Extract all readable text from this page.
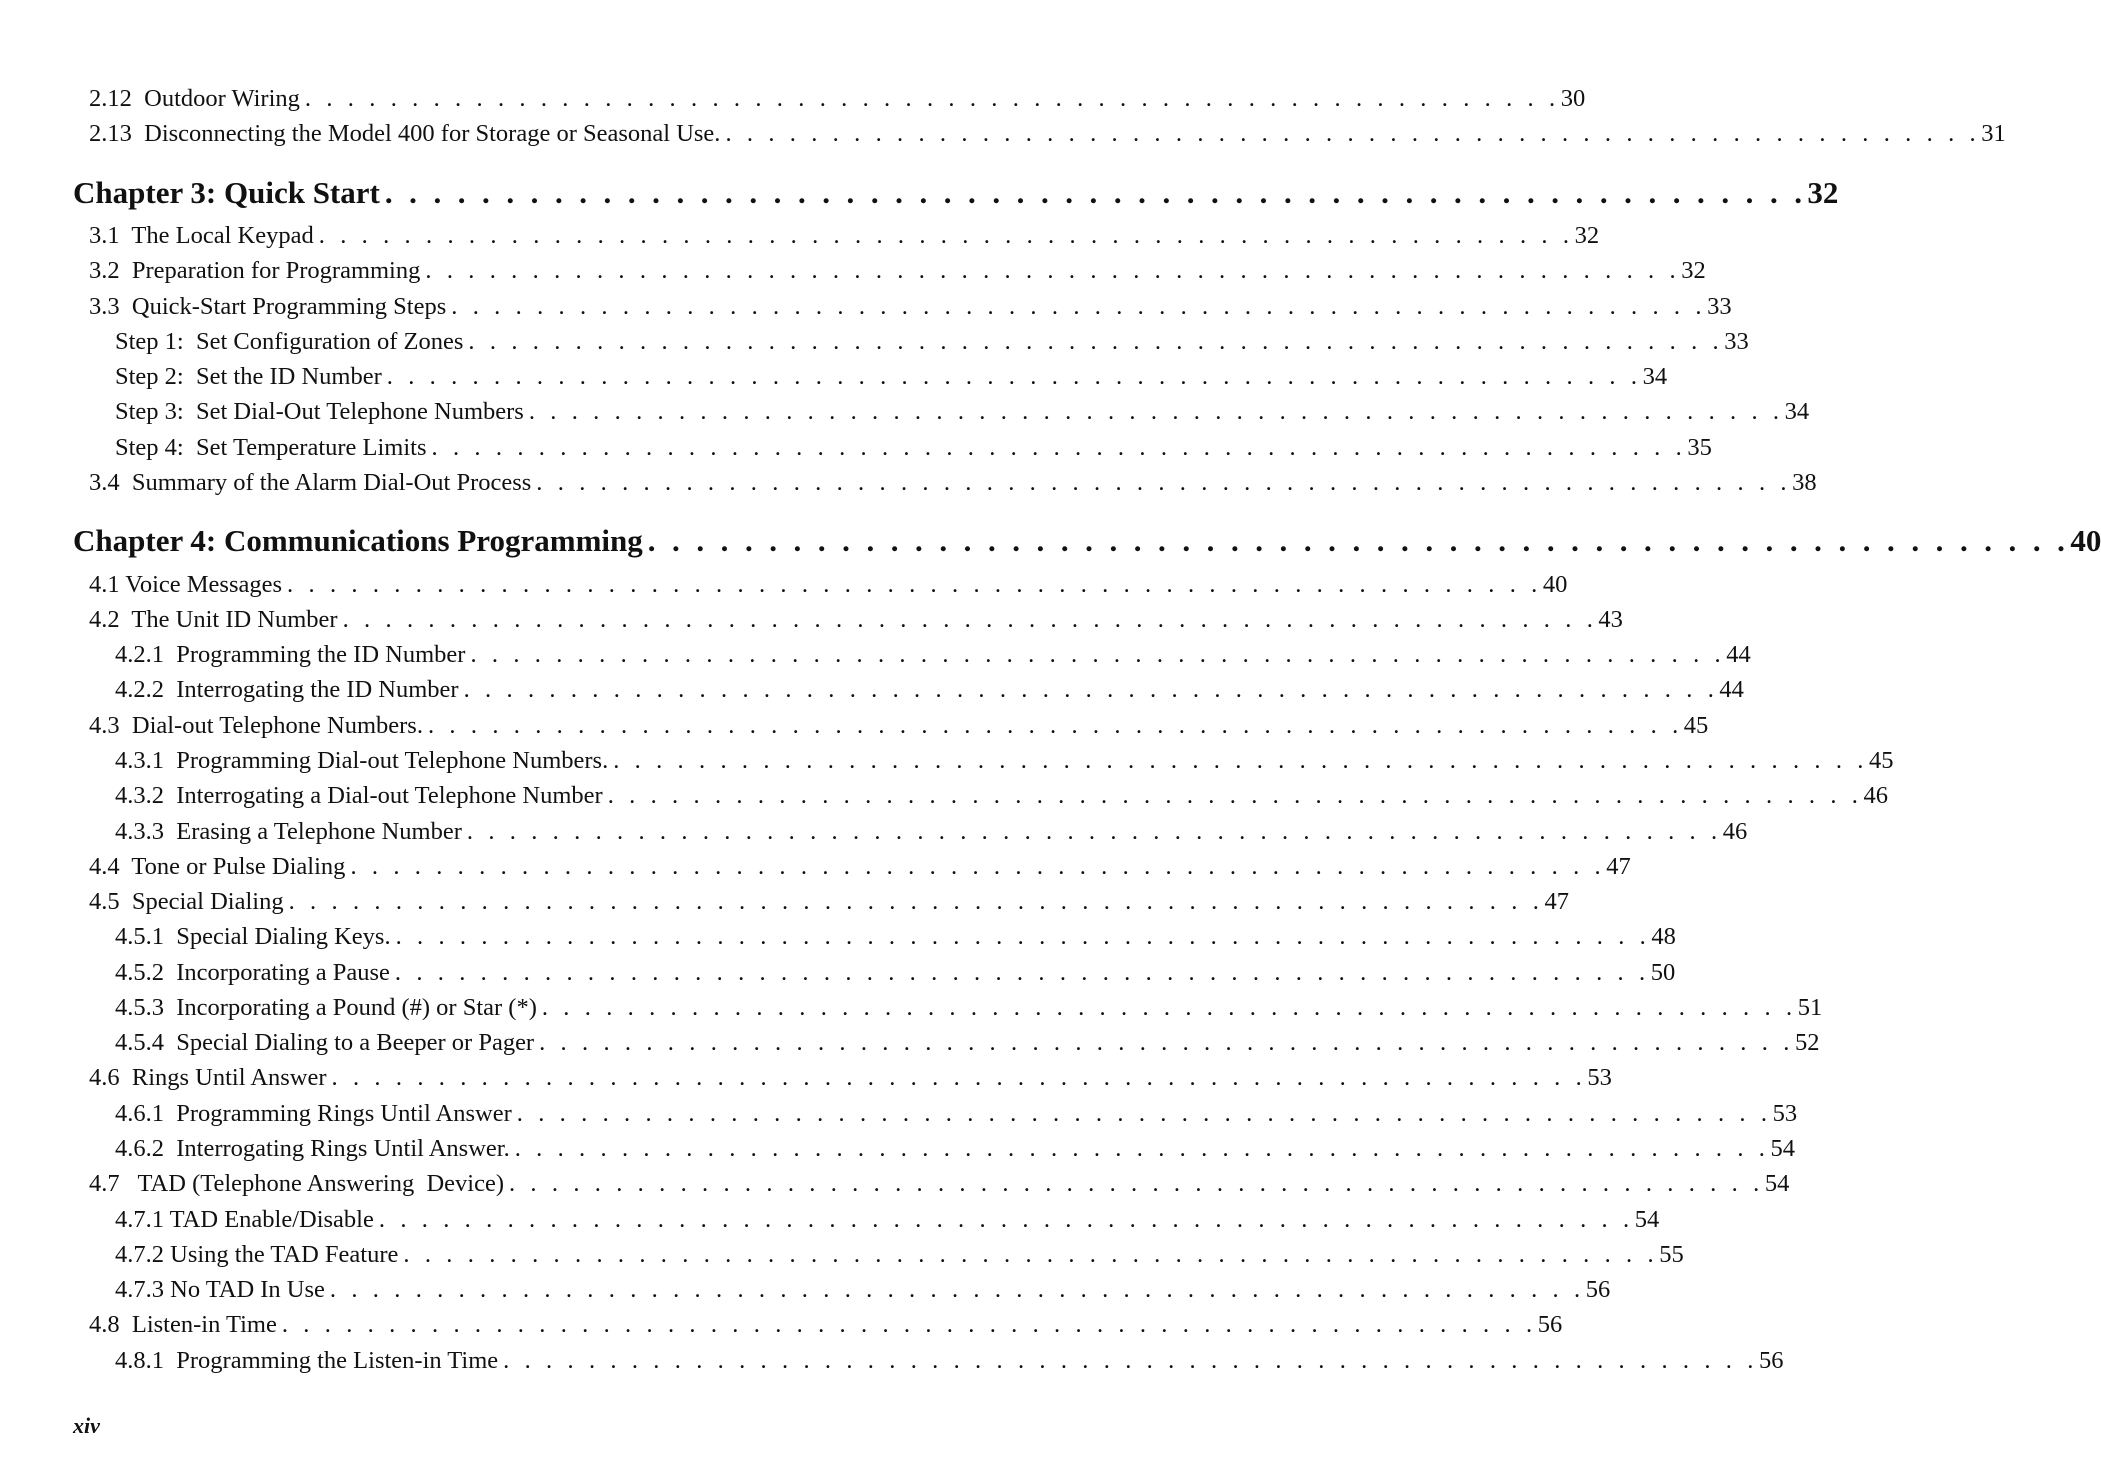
2.12  Outdoor Wiring . . . . . . . . . . . . . . . . . . . . . . . . . . . . . . . . . . . . . . . . . . . . . . . . . . . . . . . . . . . 30
2.13  Disconnecting the Model 400 for Storage or Seasonal Use. . . . . . . . . . . . . . . . . . . . . . . . . . . . . . . . . . . . . . . . . . . . . . . . . . . . . . . . . . . . 31
Chapter 3: Quick Start . . . . . . . . . . . . . . . . . . . . . . . . . . . . . . . . . . . . . . . . . . . . . . . . . . . . . . . . . . . 32
3.1  The Local Keypad . . . . . . . . . . . . . . . . . . . . . . . . . . . . . . . . . . . . . . . . . . . . . . . . . . . . . . . . . . . 32
3.2  Preparation for Programming . . . . . . . . . . . . . . . . . . . . . . . . . . . . . . . . . . . . . . . . . . . . . . . . . . . . . . . . . . . 32
3.3  Quick-Start Programming Steps . . . . . . . . . . . . . . . . . . . . . . . . . . . . . . . . . . . . . . . . . . . . . . . . . . . . . . . . . . . 33
Step 1:  Set Configuration of Zones . . . . . . . . . . . . . . . . . . . . . . . . . . . . . . . . . . . . . . . . . . . . . . . . . . . . . . . . . . . 33
Step 2:  Set the ID Number . . . . . . . . . . . . . . . . . . . . . . . . . . . . . . . . . . . . . . . . . . . . . . . . . . . . . . . . . . . 34
Step 3:  Set Dial-Out Telephone Numbers . . . . . . . . . . . . . . . . . . . . . . . . . . . . . . . . . . . . . . . . . . . . . . . . . . . . . . . . . . . 34
Step 4:  Set Temperature Limits . . . . . . . . . . . . . . . . . . . . . . . . . . . . . . . . . . . . . . . . . . . . . . . . . . . . . . . . . . . 35
3.4  Summary of the Alarm Dial-Out Process . . . . . . . . . . . . . . . . . . . . . . . . . . . . . . . . . . . . . . . . . . . . . . . . . . . . . . . . . . . 38
Chapter 4: Communications Programming . . . . . . . . . . . . . . . . . . . . . . . . . . . . . . . . . . . . . . . . . . . . . . . . . . . . . . . . . . . 40
4.1 Voice Messages . . . . . . . . . . . . . . . . . . . . . . . . . . . . . . . . . . . . . . . . . . . . . . . . . . . . . . . . . . . 40
4.2  The Unit ID Number . . . . . . . . . . . . . . . . . . . . . . . . . . . . . . . . . . . . . . . . . . . . . . . . . . . . . . . . . . . 43
4.2.1  Programming the ID Number . . . . . . . . . . . . . . . . . . . . . . . . . . . . . . . . . . . . . . . . . . . . . . . . . . . . . . . . . . . 44
4.2.2  Interrogating the ID Number . . . . . . . . . . . . . . . . . . . . . . . . . . . . . . . . . . . . . . . . . . . . . . . . . . . . . . . . . . . 44
4.3  Dial-out Telephone Numbers. . . . . . . . . . . . . . . . . . . . . . . . . . . . . . . . . . . . . . . . . . . . . . . . . . . . . . . . . . . . 45
4.3.1  Programming Dial-out Telephone Numbers. . . . . . . . . . . . . . . . . . . . . . . . . . . . . . . . . . . . . . . . . . . . . . . . . . . . . . . . . . . . 45
4.3.2  Interrogating a Dial-out Telephone Number . . . . . . . . . . . . . . . . . . . . . . . . . . . . . . . . . . . . . . . . . . . . . . . . . . . . . . . . . . . 46
4.3.3  Erasing a Telephone Number . . . . . . . . . . . . . . . . . . . . . . . . . . . . . . . . . . . . . . . . . . . . . . . . . . . . . . . . . . . 46
4.4  Tone or Pulse Dialing . . . . . . . . . . . . . . . . . . . . . . . . . . . . . . . . . . . . . . . . . . . . . . . . . . . . . . . . . . . 47
4.5  Special Dialing . . . . . . . . . . . . . . . . . . . . . . . . . . . . . . . . . . . . . . . . . . . . . . . . . . . . . . . . . . . 47
4.5.1  Special Dialing Keys. . . . . . . . . . . . . . . . . . . . . . . . . . . . . . . . . . . . . . . . . . . . . . . . . . . . . . . . . . . . 48
4.5.2  Incorporating a Pause . . . . . . . . . . . . . . . . . . . . . . . . . . . . . . . . . . . . . . . . . . . . . . . . . . . . . . . . . . . 50
4.5.3  Incorporating a Pound (#) or Star (*) . . . . . . . . . . . . . . . . . . . . . . . . . . . . . . . . . . . . . . . . . . . . . . . . . . . . . . . . . . . 51
4.5.4  Special Dialing to a Beeper or Pager . . . . . . . . . . . . . . . . . . . . . . . . . . . . . . . . . . . . . . . . . . . . . . . . . . . . . . . . . . . 52
4.6  Rings Until Answer . . . . . . . . . . . . . . . . . . . . . . . . . . . . . . . . . . . . . . . . . . . . . . . . . . . . . . . . . . . 53
4.6.1  Programming Rings Until Answer . . . . . . . . . . . . . . . . . . . . . . . . . . . . . . . . . . . . . . . . . . . . . . . . . . . . . . . . . . . 53
4.6.2  Interrogating Rings Until Answer. . . . . . . . . . . . . . . . . . . . . . . . . . . . . . . . . . . . . . . . . . . . . . . . . . . . . . . . . . . . 54
4.7   TAD (Telephone Answering  Device) . . . . . . . . . . . . . . . . . . . . . . . . . . . . . . . . . . . . . . . . . . . . . . . . . . . . . . . . . . . 54
4.7.1 TAD Enable/Disable . . . . . . . . . . . . . . . . . . . . . . . . . . . . . . . . . . . . . . . . . . . . . . . . . . . . . . . . . . . 54
4.7.2 Using the TAD Feature . . . . . . . . . . . . . . . . . . . . . . . . . . . . . . . . . . . . . . . . . . . . . . . . . . . . . . . . . . . 55
4.7.3 No TAD In Use . . . . . . . . . . . . . . . . . . . . . . . . . . . . . . . . . . . . . . . . . . . . . . . . . . . . . . . . . . . 56
4.8  Listen-in Time . . . . . . . . . . . . . . . . . . . . . . . . . . . . . . . . . . . . . . . . . . . . . . . . . . . . . . . . . . . 56
4.8.1  Programming the Listen-in Time . . . . . . . . . . . . . . . . . . . . . . . . . . . . . . . . . . . . . . . . . . . . . . . . . . . . . . . . . . . 56
xiv
